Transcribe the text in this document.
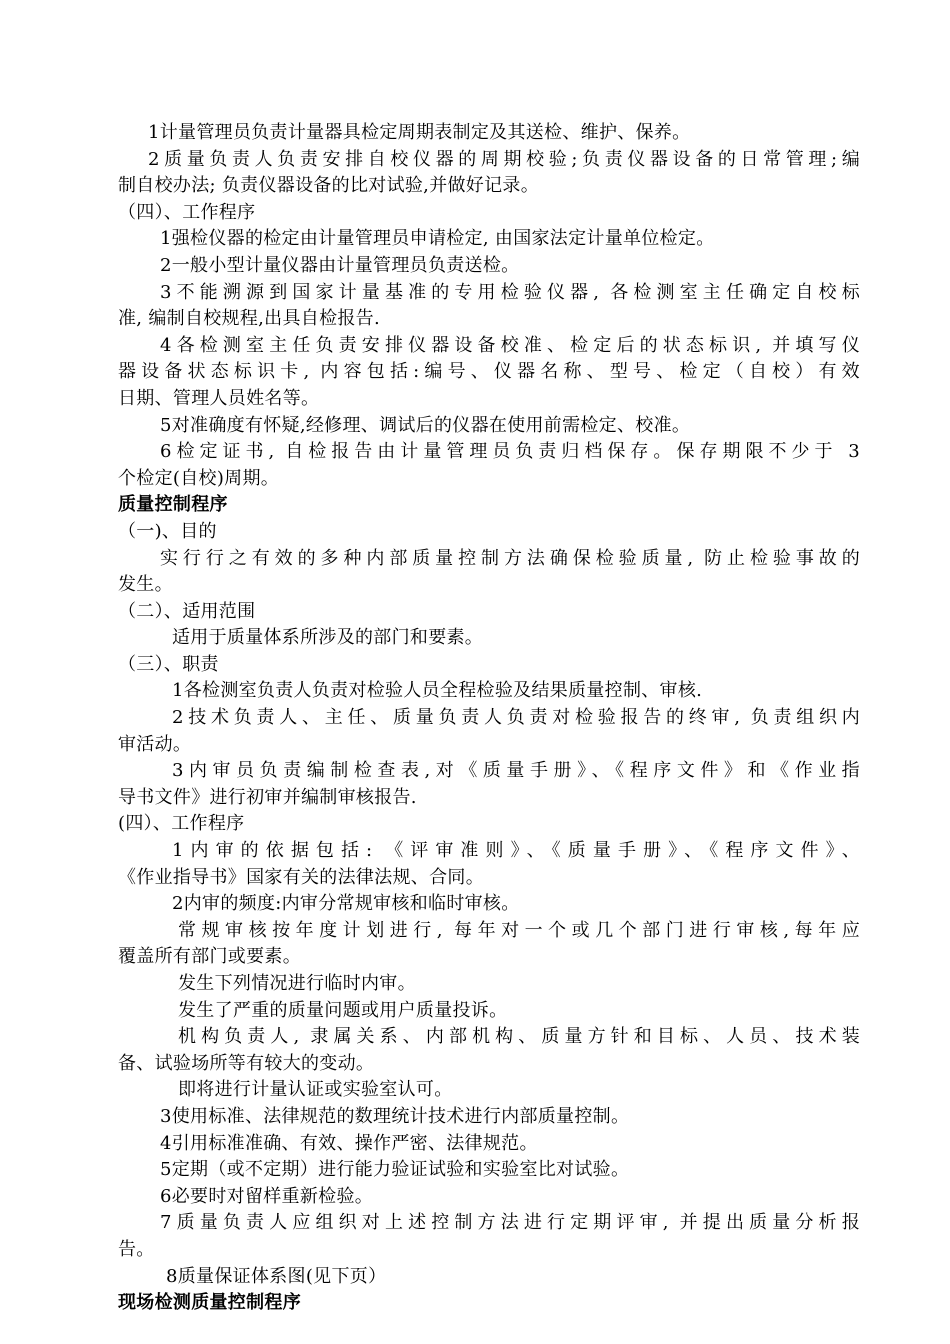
1计量管理员负责计量器具检定周期表制定及其送检、维护、保养。
2质量负责人负责安排自校仪器的周期校验;负责仪器设备的日常管理;编
制自校办法; 负责仪器设备的比对试验,并做好记录。
（四）、工作程序
1强检仪器的检定由计量管理员申请检定, 由国家法定计量单位检定。
2一般小型计量仪器由计量管理员负责送检。
3不能溯源到国家计量基准的专用检验仪器, 各检测室主任确定自校标
准, 编制自校规程,出具自检报告.
4各检测室主任负责安排仪器设备校准、检定后的状态标识, 并填写仪
器设备状态标识卡, 内容包括:编号、仪器名称、型号、检定（自校）有效
日期、管理人员姓名等。
5对准确度有怀疑,经修理、调试后的仪器在使用前需检定、校准。
6检定证书, 自检报告由计量管理员负责归档保存。保存期限不少于 3
个检定(自校)周期。
质量控制程序
（一)、目的
实行行之有效的多种内部质量控制方法确保检验质量, 防止检验事故的
发生。
（二）、适用范围
适用于质量体系所涉及的部门和要素。
（三）、职责
1各检测室负责人负责对检验人员全程检验及结果质量控制、审核.
2技术负责人、主任、质量负责人负责对检验报告的终审, 负责组织内
审活动。
3内审员负责编制检查表,对《质量手册》、《程序文件》和《作业指
导书文件》进行初审并编制审核报告.
(四）、工作程序
1内审的依据包括: 《评审准则》、《质量手册》、《程序文件》、
《作业指导书》国家有关的法律法规、合同。
2内审的频度:内审分常规审核和临时审核。
常规审核按年度计划进行, 每年对一个或几个部门进行审核,每年应
覆盖所有部门或要素。
发生下列情况进行临时内审。
发生了严重的质量问题或用户质量投诉。
机构负责人, 隶属关系、内部机构、质量方针和目标、人员、技术装
备、试验场所等有较大的变动。
即将进行计量认证或实验室认可。
3使用标准、法律规范的数理统计技术进行内部质量控制。
4引用标准准确、有效、操作严密、法律规范。
5定期（或不定期）进行能力验证试验和实验室比对试验。
6必要时对留样重新检验。
7质量负责人应组织对上述控制方法进行定期评审, 并提出质量分析报
告。
8质量保证体系图(见下页）
现场检测质量控制程序
